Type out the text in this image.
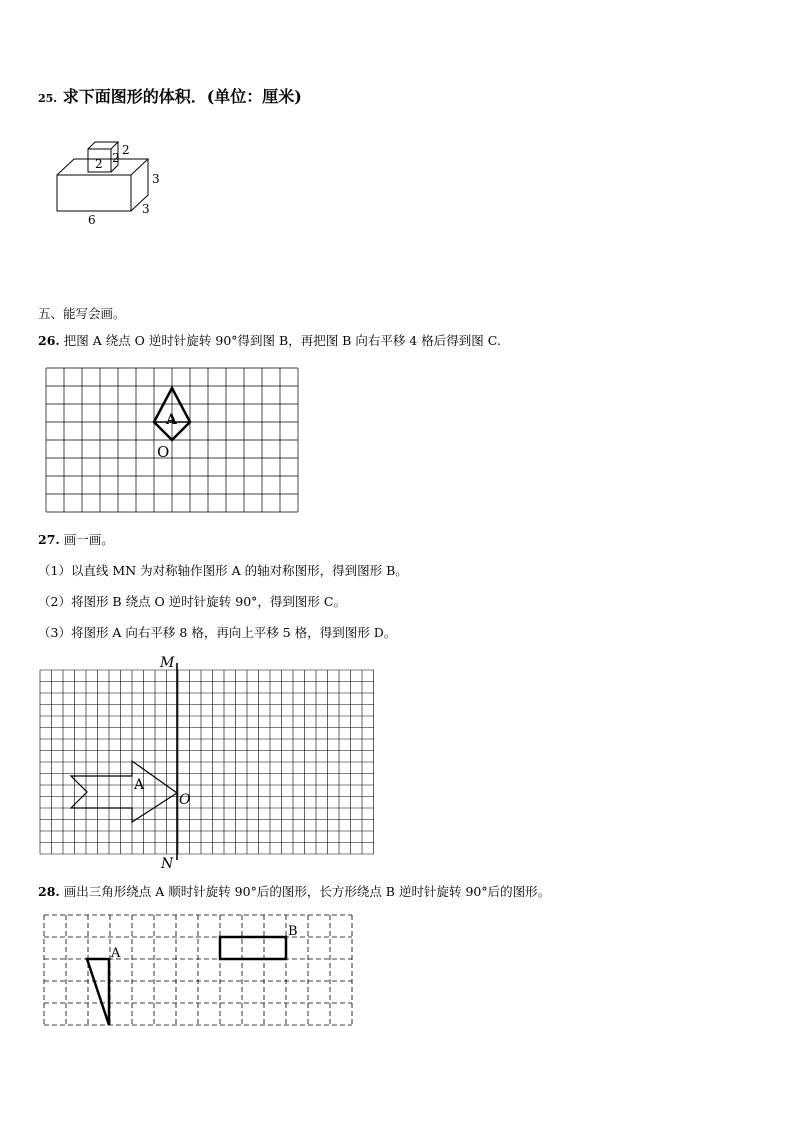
25. 求下面图形的体积．(单位：厘米)
2 2
2
3
3
6
五、能写会画。
26. 把图 A 绕点 O 逆时针旋转 90°得到图 B，再把图 B 向右平移 4 格后得到图 C.
A
O
27. 画一画。
（1）以直线 MN 为对称轴作图形 A 的轴对称图形，得到图形 B。
（2）将图形 B 绕点 O 逆时针旋转 90°，得到图形 C。
（3）将图形 A 向右平移 8 格，再向上平移 5 格，得到图形 D。
M
N
O
A
28. 画出三角形绕点 A 顺时针旋转 90°后的图形，长方形绕点 B 逆时针旋转 90°后的图形。
A
B
